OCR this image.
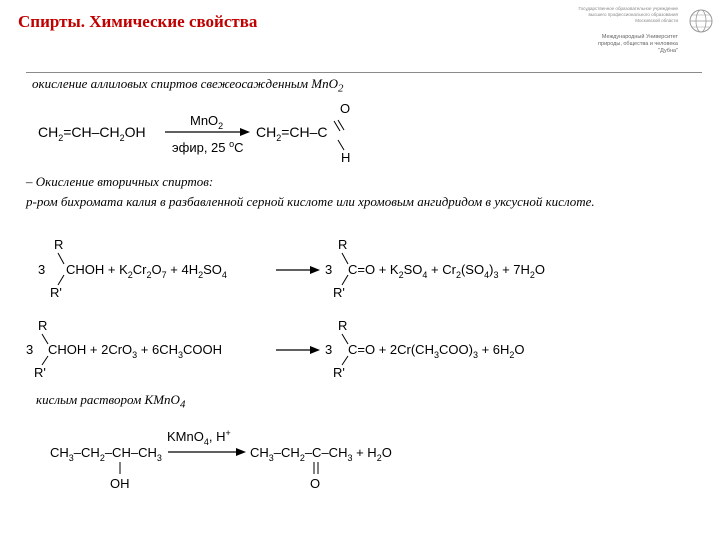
Спирты. Химические свойства
Государственное образовательное учреждение
высшего профессионального образования
Московской области
Международный Университет
природы, общества и человека
"Дубна"
окисление аллиловых спиртов свежеосажденным MnO$_2$
– Окисление вторичных спиртов:
р-ром бихромата калия в разбавленной серной кислоте или хромовым ангидридом в уксусной кислоте.
кислым раствором KMnO$_4$
$CH_2=CH-CH_2OH$
MnO$_2$
эфир, 25 $^o$C
$CH_2=CH-C$
O
H
R
3 CHOH + $K_2Cr_2O_7 + 4H_2SO_4$
R'
R
3 $C=O + K_2SO_4 + Cr_2(SO_4)_3 + 7H_2O$
R'
R
3 CHOH + $2CrO_3 + 6CH_3COOH$
R'
R
3 $C=O + 2Cr(CH_3COO)_3 + 6H_2O$
R'
$CH_3-CH_2-CH-CH_3$
OH
KMnO$_4$, H+
$CH_3-CH_2-C-CH_3 + H_2O$
O
